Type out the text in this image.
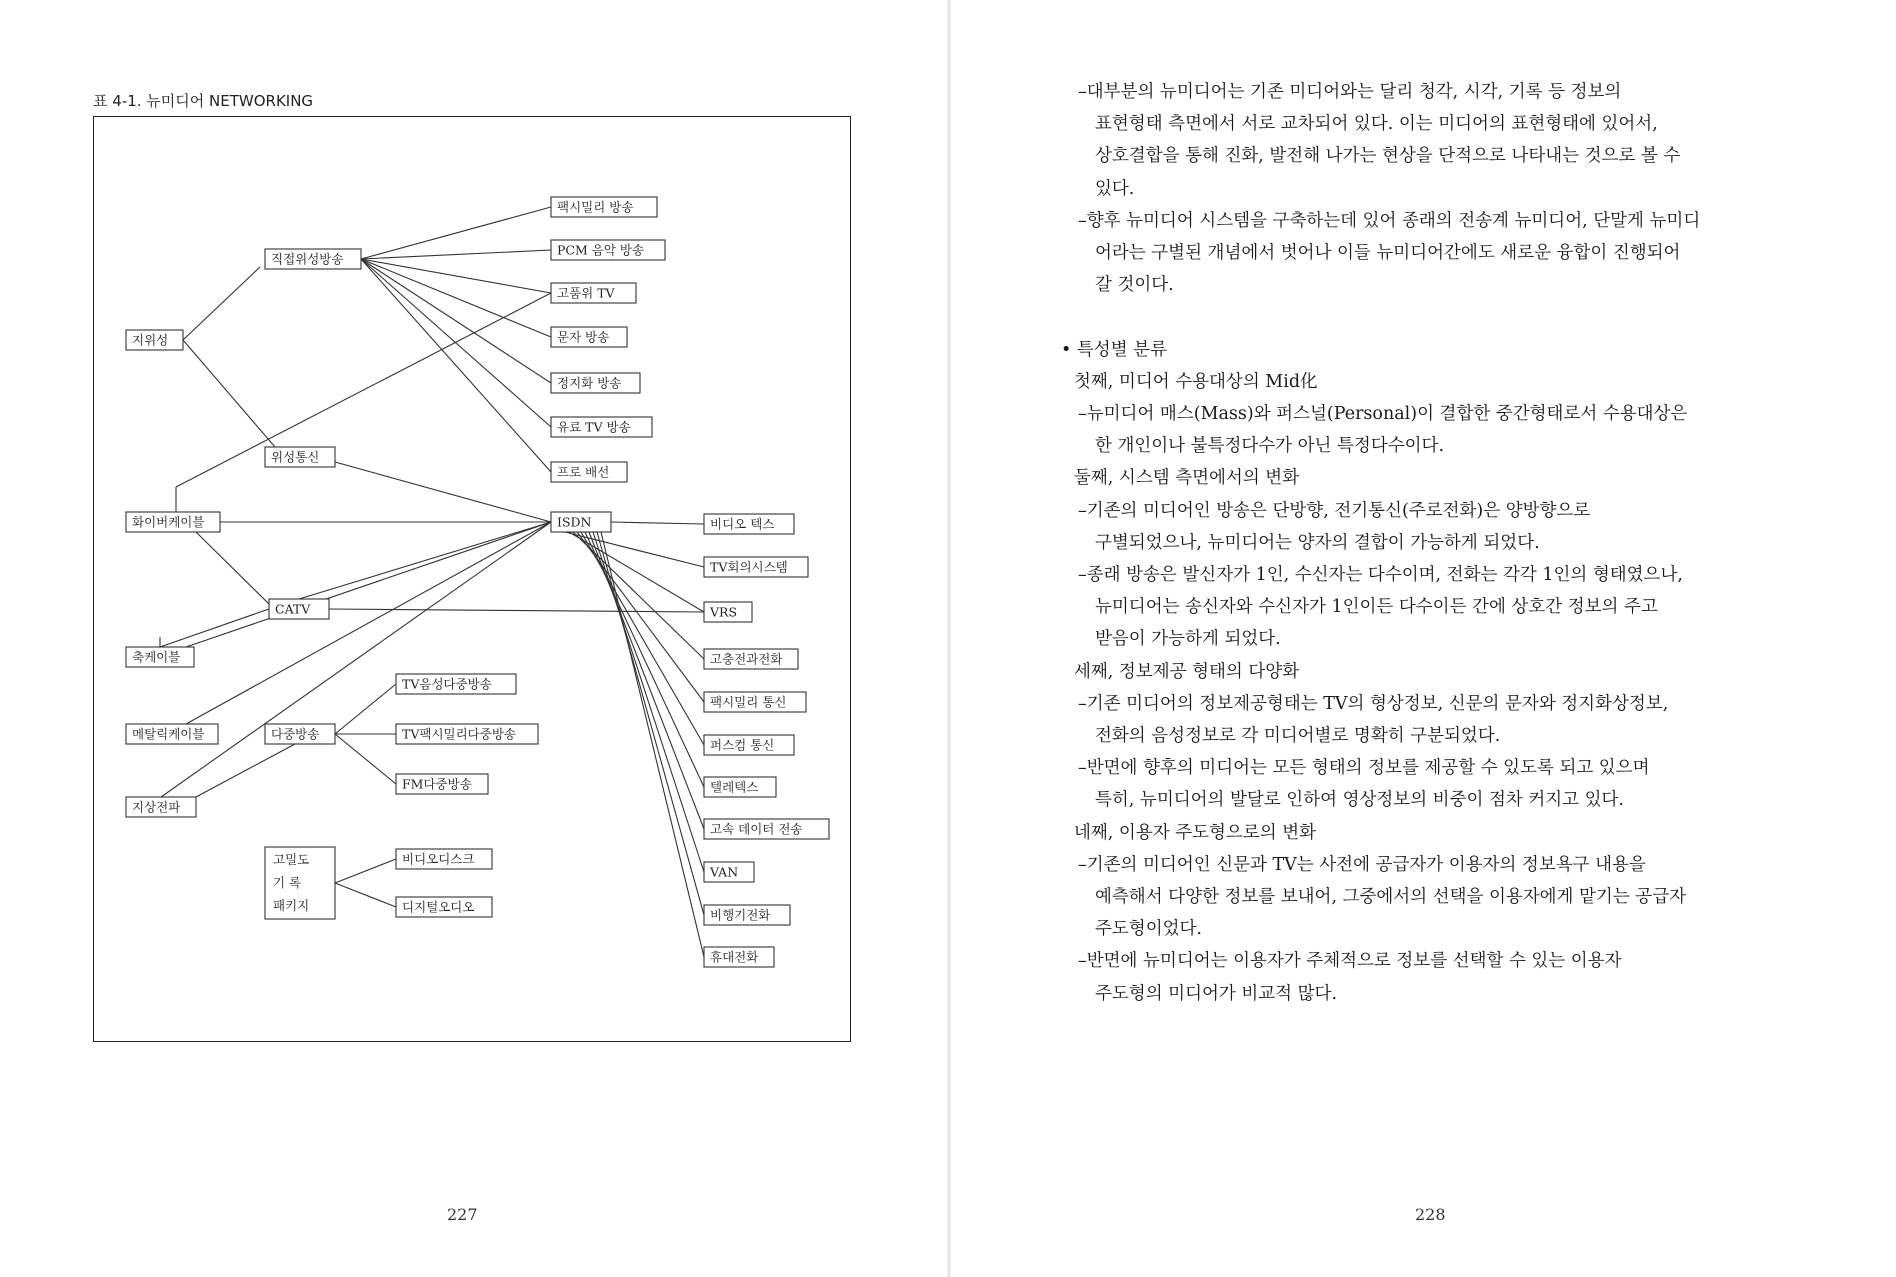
표 4-1. 뉴미디어 NETWORKING
지위성
직접위성방송
위성통신
화이버케이블
CATV
축케이블
메탈릭케이블	다중방송
지상전파
고밀도 기 록 패키지
팩시밀리 방송
PCM 음악 방송
고품위 TV
문자 방송
정지화 방송
유료 TV 방송
프로 배선
ISDN
TV음성다중방송
TV팩시밀리다중방송
FM다중방송
비디오디스크
디지털오디오
비디오 텍스
TV회의시스템
VRS
고충전과전화
팩시밀리 통신
퍼스컴 통신
텔레텍스
고속 데이터 전송
VAN
비행기전화
휴대전화
227	228
–대부분의 뉴미디어는 기존 미디어와는 달리 청각, 시각, 기록 등 정보의
표현형태 측면에서 서로 교차되어 있다. 이는 미디어의 표현형태에 있어서,
상호결합을 통해 진화, 발전해 나가는 현상을 단적으로 나타내는 것으로 볼 수
있다.
–향후 뉴미디어 시스템을 구축하는데 있어 종래의 전송계 뉴미디어, 단말게 뉴미디
어라는 구별된 개념에서 벗어나 이들 뉴미디어간에도 새로운 융합이 진행되어
갈 것이다.
• 특성별 분류
첫째, 미디어 수용대상의 Mid化
–뉴미디어 매스(Mass)와 퍼스널(Personal)이 결합한 중간형태로서 수용대상은
한 개인이나 불특정다수가 아닌 특정다수이다.
둘째, 시스템 측면에서의 변화
–기존의 미디어인 방송은 단방향, 전기통신(주로전화)은 양방향으로
구별되었으나, 뉴미디어는 양자의 결합이 가능하게 되었다.
–종래 방송은 발신자가 1인, 수신자는 다수이며, 전화는 각각 1인의 형태였으나,
뉴미디어는 송신자와 수신자가 1인이든 다수이든 간에 상호간 정보의 주고
받음이 가능하게 되었다.
세째, 정보제공 형태의 다양화
–기존 미디어의 정보제공형태는 TV의 형상정보, 신문의 문자와 정지화상정보,
전화의 음성정보로 각 미디어별로 명확히 구분되었다.
–반면에 향후의 미디어는 모든 형태의 정보를 제공할 수 있도록 되고 있으며
특히, 뉴미디어의 발달로 인하여 영상정보의 비중이 점차 커지고 있다.
네째, 이용자 주도형으로의 변화
–기존의 미디어인 신문과 TV는 사전에 공급자가 이용자의 정보욕구 내용을
예측해서 다양한 정보를 보내어, 그중에서의 선택을 이용자에게 맡기는 공급자
주도형이었다.
–반면에 뉴미디어는 이용자가 주체적으로 정보를 선택할 수 있는 이용자
주도형의 미디어가 비교적 많다.
